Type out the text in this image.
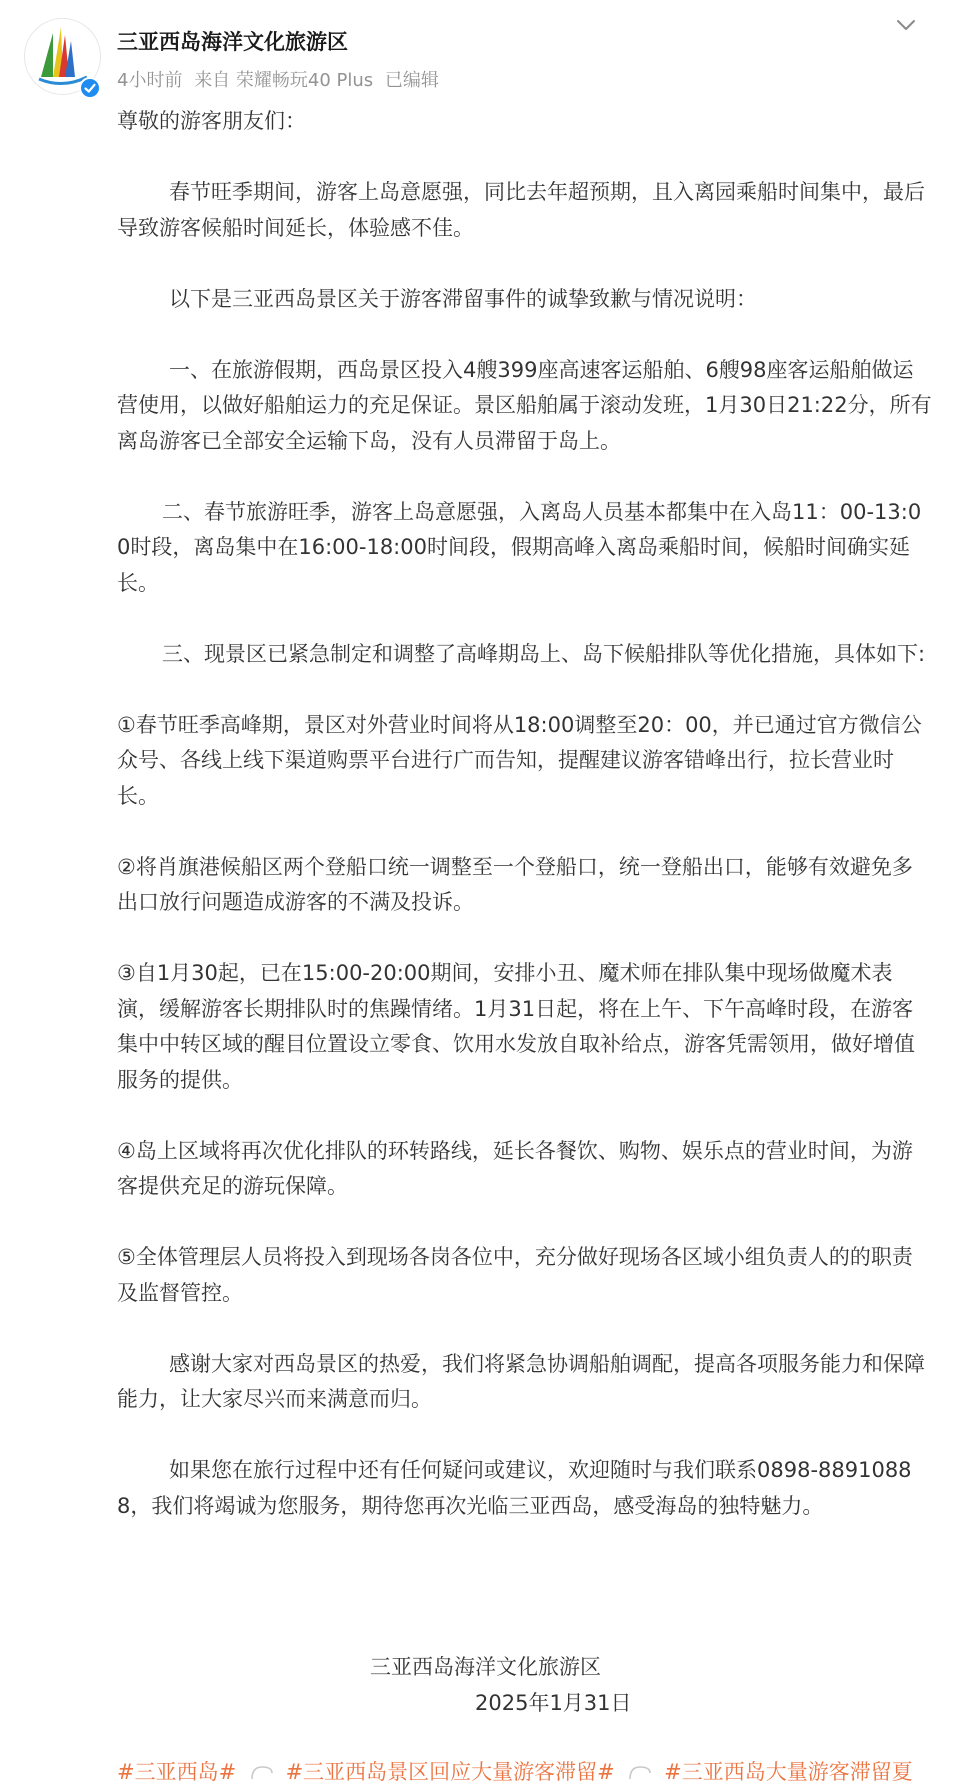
三亚西岛海洋文化旅游区
4小时前 来自 荣耀畅玩40 Plus 已编辑

尊敬的游客朋友们：

春节旺季期间，游客上岛意愿强，同比去年超预期，且入离园乘船时间集中，最后导致游客候船时间延长，体验感不佳。

以下是三亚西岛景区关于游客滞留事件的诚挚致歉与情况说明：

一、在旅游假期，西岛景区投入4艘399座高速客运船舶、6艘98座客运船舶做运营使用，以做好船舶运力的充足保证。景区船舶属于滚动发班，1月30日21:22分，所有离岛游客已全部安全运输下岛，没有人员滞留于岛上。

二、春节旅游旺季，游客上岛意愿强，入离岛人员基本都集中在入岛11：00-13:00时段，离岛集中在16:00-18:00时间段，假期高峰入离岛乘船时间，候船时间确实延长。

三、现景区已紧急制定和调整了高峰期岛上、岛下候船排队等优化措施，具体如下:

①春节旺季高峰期，景区对外营业时间将从18:00调整至20：00，并已通过官方微信公众号、各线上线下渠道购票平台进行广而告知，提醒建议游客错峰出行，拉长营业时长。

②将肖旗港候船区两个登船口统一调整至一个登船口，统一登船出口，能够有效避免多出口放行问题造成游客的不满及投诉。

③自1月30起，已在15:00-20:00期间，安排小丑、魔术师在排队集中现场做魔术表演，缓解游客长期排队时的焦躁情绪。1月31日起，将在上午、下午高峰时段，在游客集中中转区域的醒目位置设立零食、饮用水发放自取补给点，游客凭需领用，做好增值服务的提供。

④岛上区域将再次优化排队的环转路线，延长各餐饮、购物、娱乐点的营业时间，为游客提供充足的游玩保障。

⑤全体管理层人员将投入到现场各岗各位中，充分做好现场各区域小组负责人的的职责及监督管控。

感谢大家对西岛景区的热爱，我们将紧急协调船舶调配，提高各项服务能力和保障能力，让大家尽兴而来满意而归。

如果您在旅行过程中还有任何疑问或建议，欢迎随时与我们联系0898-88910888，我们将竭诚为您服务，期待您再次光临三亚西岛，感受海岛的独特魅力。

三亚西岛海洋文化旅游区
2025年1月31日
#三亚西岛# #三亚西岛景区回应大量游客滞留# #三亚西岛大量游客滞留夏
